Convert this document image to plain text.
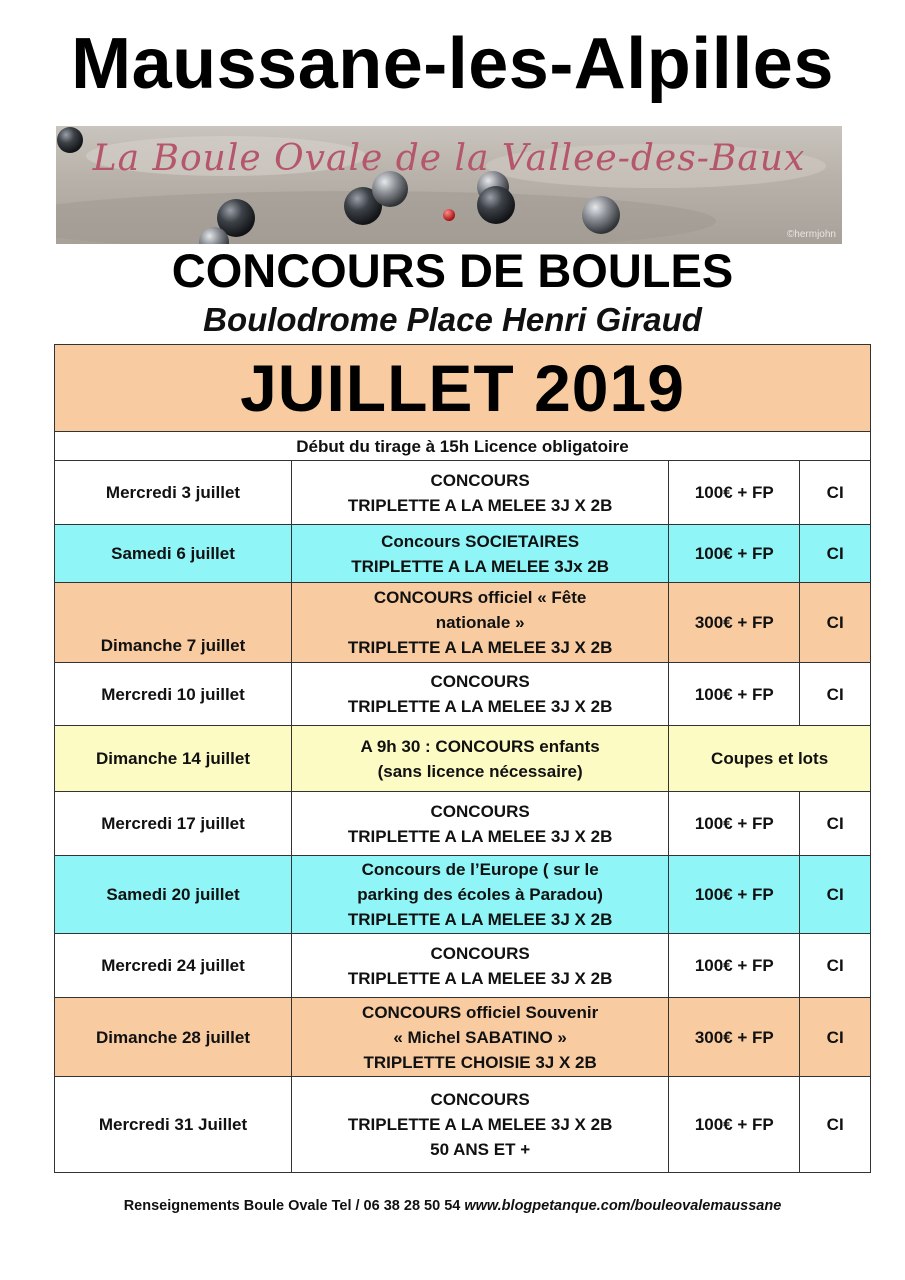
Maussane-les-Alpilles
La Boule Ovale de la Vallee-des-Baux
©hermjohn
CONCOURS DE BOULES
Boulodrome Place Henri Giraud
JUILLET 2019			
Début du tirage à 15h Licence obligatoire			
Mercredi 3 juillet	CONCOURS
TRIPLETTE A LA MELEE 3J X 2B	100€ + FP	CI
Samedi 6 juillet	Concours SOCIETAIRES
TRIPLETTE A LA MELEE 3Jx 2B	100€ + FP	CI
Dimanche 7 juillet	CONCOURS officiel « Fête
nationale »
TRIPLETTE A LA MELEE 3J X 2B	300€ + FP	CI
Mercredi 10 juillet	CONCOURS
TRIPLETTE A LA MELEE 3J X 2B	100€ + FP	CI
Dimanche 14 juillet	A 9h 30 : CONCOURS enfants
(sans licence nécessaire)	Coupes et lots	
Mercredi 17 juillet	CONCOURS
TRIPLETTE A LA MELEE 3J X 2B	100€ + FP	CI
Samedi 20 juillet	Concours de l’Europe ( sur le
parking des écoles à Paradou)
TRIPLETTE A LA MELEE 3J X 2B	100€ + FP	CI
Mercredi 24 juillet	CONCOURS
TRIPLETTE A LA MELEE 3J X 2B	100€ + FP	CI
Dimanche 28 juillet	CONCOURS officiel Souvenir
« Michel SABATINO »
TRIPLETTE CHOISIE 3J X 2B	300€ + FP	CI
Mercredi 31 Juillet	CONCOURS
TRIPLETTE A LA MELEE 3J X 2B
50 ANS ET +	100€ + FP	CI
Renseignements Boule Ovale Tel / 06 38 28 50 54 www.blogpetanque.com/bouleovalemaussane
